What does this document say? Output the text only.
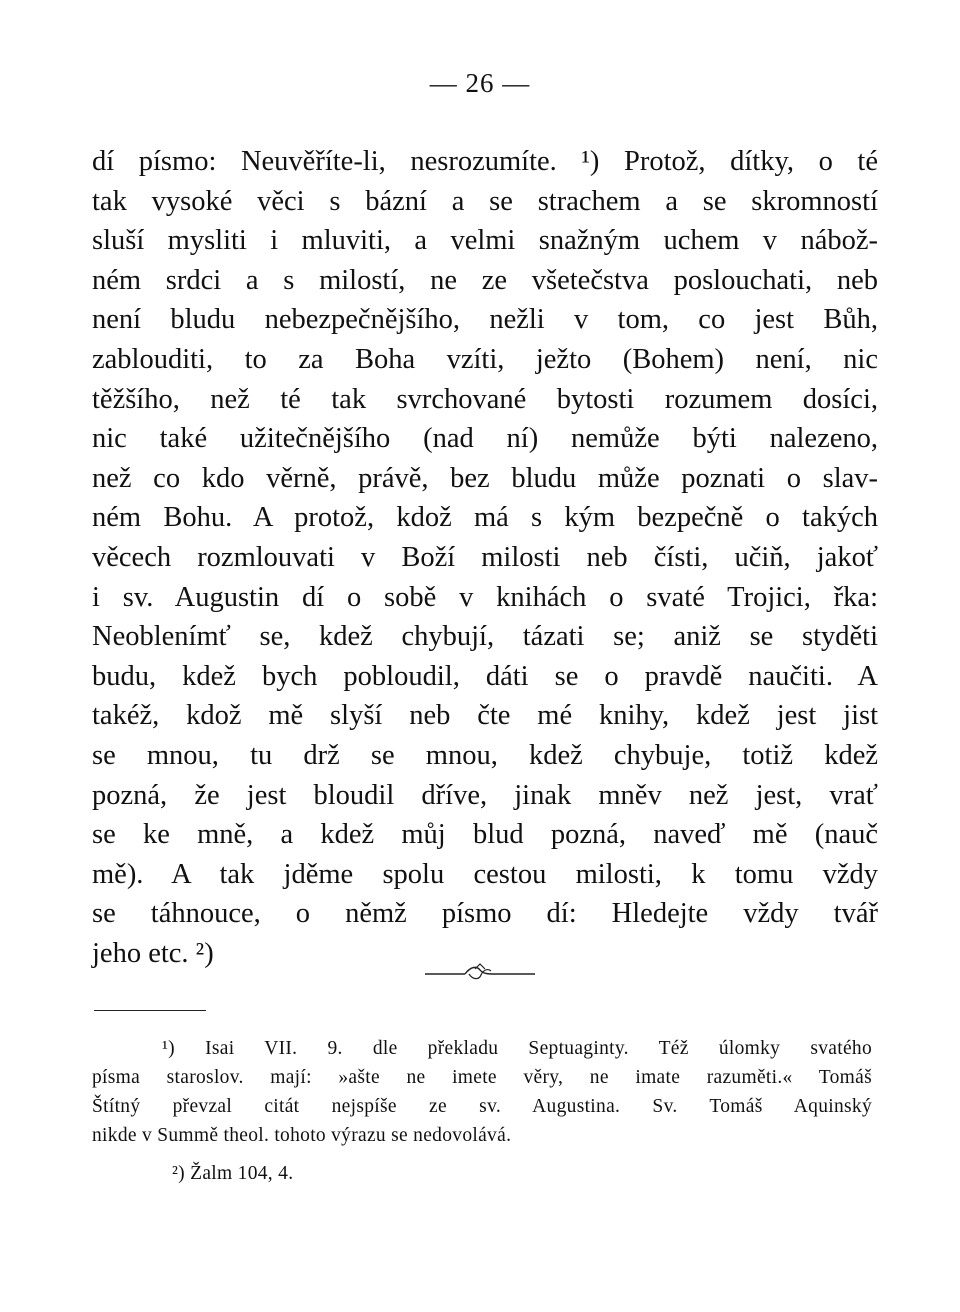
— 26 —
dí písmo: Neuvěříte-li, nesrozumíte. ¹) Protož, dítky, o té
tak vysoké věci s bázní a se strachem a se skromností
sluší mysliti i mluviti, a velmi snažným uchem v nábož-
ném srdci a s milostí, ne ze všetečstva poslouchati, neb
není bludu nebezpečnějšího, nežli v tom, co jest Bůh,
zablouditi, to za Boha vzíti, ježto (Bohem) není, nic
těžšího, než té tak svrchované bytosti rozumem dosíci,
nic také užitečnějšího (nad ní) nemůže býti nalezeno,
než co kdo věrně, právě, bez bludu může poznati o slav-
ném Bohu. A protož, kdož má s kým bezpečně o takých
věcech rozmlouvati v Boží milosti neb čísti, učiň, jakoť
i sv. Augustin dí o sobě v knihách o svaté Trojici, řka:
Neoblenímť se, kdež chybují, tázati se; aniž se styděti
budu, kdež bych pobloudil, dáti se o pravdě naučiti. A
takéž, kdož mě slyší neb čte mé knihy, kdež jest jist
se mnou, tu drž se mnou, kdež chybuje, totiž kdež
pozná, že jest bloudil dříve, jinak mněv než jest, vrať
se ke mně, a kdež můj blud pozná, naveď mě (nauč
mě). A tak jděme spolu cestou milosti, k tomu vždy
se táhnouce, o němž písmo dí: Hledejte vždy tvář
jeho etc. ²)
¹) Isai VII. 9. dle překladu Septuaginty. Též úlomky svatého
písma staroslov. mají: »ašte ne imete věry, ne imate razuměti.« Tomáš
Štítný převzal citát nejspíše ze sv. Augustina. Sv. Tomáš Aquinský
nikde v Summě theol. tohoto výrazu se nedovolává.
²) Žalm 104, 4.
